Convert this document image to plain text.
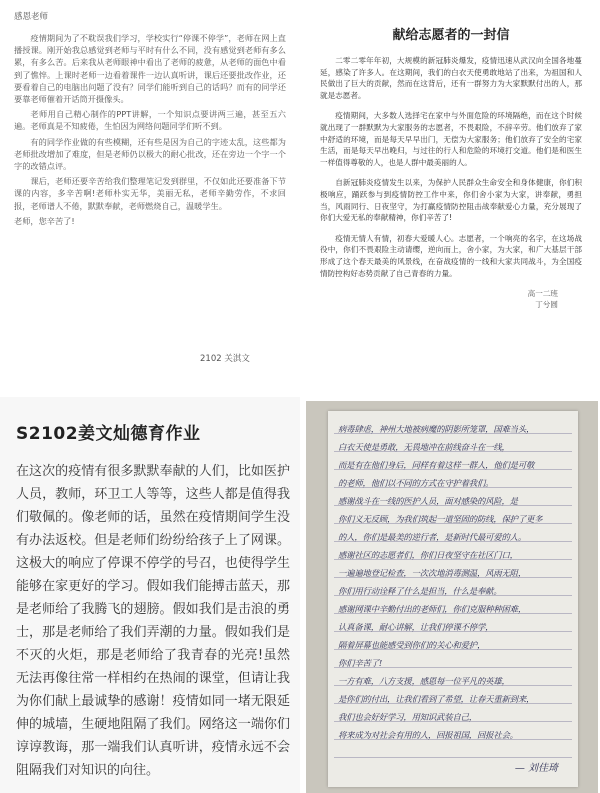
感恩老师

疫情期间为了不耽误我们学习，学校实行“停课不停学”，老师在网上直播授课。刚开始我总感觉到老师与平时有什么不同，没有感觉到老师有多么累，有多么苦。后来我从老师眼神中看出了老师的疲惫，从老师的面色中看到了憔悴。上课时老师一边看着课件一边认真听讲，课后还要批改作业，还要看着自己的电脑出问题了没有？同学们能听到自己的话吗？而有的同学还要靠老师催着开话筒开摄像头。

老师用自己精心制作的PPT讲解，一个知识点要讲两三遍，甚至五六遍。老师真是不知疲倦，生怕因为网络问题同学们听不到。

有的同学作业做的有些模糊，还有些是因为自己的字迹太乱，这些都为老师批改增加了难度，但是老师仍以极大的耐心批改，还在旁边一个字一个字的改错点评。

课后，老师还要辛苦给我们整理笔记发到群里，不仅如此还要准备下节课的内容，多辛苦啊!老师朴实无华，美丽无私，老师辛勤劳作，不求回报，老师谱人不倦，默默奉献，老师燃烧自己，温暖学生。

老师，您辛苦了!

2102 关淇文
献给志愿者的一封信

二零二零年年初，大规模的新冠肺炎爆发，疫情迅速从武汉向全国各地蔓延，感染了许多人。在这期间，我们的白衣天使勇敢地站了出来，为祖国和人民做出了巨大的贡献，然而在这背后，还有一群努力为大家默默付出的人，那就是志愿者。

疫情期间，大多数人选择宅在家中与外面危险的环境隔绝，而在这个时候就出现了一群默默为大家服务的志愿者，不畏艰险，不辞辛劳。他们放弃了家中舒适的环境，而是每天早早出门，无偿为大家服务；他们放弃了安全的宅家生活，而是每天早出晚归，与过往的行人和危险的环境打交道。他们是和医生一样值得尊敬的人，也是人群中最美丽的人。

自新冠肺炎疫情发生以来，为保护人民群众生命安全和身体健康，你们积极响应，踊跃参与到疫情防控工作中来，你们舍小家为大家，讲奉献，勇担当，风雨同行、日夜坚守，为打赢疫情防控阻击战奉献爱心力量，充分展现了你们大爱无私的奉献精神，你们辛苦了!

疫情无情人有情，初春大爱暖人心。志愿者，一个响亮的名字，在这场战役中，你们不畏艰险主动请缨，逆向而上，舍小家，为大家，和广大基层干部形成了这个春天最美的风景线，在奋战疫情的一线和大家共同战斗，为全国疫情防控构好态势贡献了自己青春的力量。

高一二班
丁兮圆
S2102姜文灿德育作业

在这次的疫情有很多默默奉献的人们，比如医护人员，教师，环卫工人等等，这些人都是值得我们敬佩的。像老师的话，虽然在疫情期间学生没有办法返校。但是老师们纷纷给孩子上了网课。这极大的响应了停课不停学的号召，也使得学生能够在家更好的学习。假如我们能搏击蓝天，那是老师给了我腾飞的翅膀。假如我们是击浪的勇士，那是老师给了我们弄潮的力量。假如我们是不灭的火炬，那是老师给了我青春的光亮!虽然无法再像往常一样相约在热闹的课堂，但请让我为你们献上最诚挚的感谢！疫情如同一堵无限延伸的城墙，生硬地阻隔了我们。网络这一端你们谆谆教诲，那一端我们认真听讲，疫情永远不会阻隔我们对知识的向往。

病毒肆虐，神州大地被病魔的阴影所笼罩，国难当头，
白衣天使是勇敢，无畏地冲在前线奋斗在一线，
而是有在他们身后，同样有着这样一群人，他们是可敬
的老师，他们以不同的方式在守护着我们。
感谢战斗在一线的医护人员，面对感染的风险，是
你们义无反顾，为我们筑起一道坚固的防线，保护了更多
的人，你们是最美的逆行者，是新时代最可爱的人。
感谢社区的志愿者们，你们日夜坚守在社区门口，
一遍遍地登记检查，一次次地消毒测温，风雨无阻，
你们用行动诠释了什么是担当，什么是奉献。
感谢网课中辛勤付出的老师们，你们克服种种困难，
认真备课，耐心讲解，让我们停课不停学，
隔着屏幕也能感受到你们的关心和爱护，
你们辛苦了!
一方有难，八方支援，感恩每一位平凡的英雄，
是你们的付出，让我们看到了希望，让春天重新到来，
我们也会好好学习，用知识武装自己，
将来成为对社会有用的人，回报祖国，回报社会。
— 刘佳琦
